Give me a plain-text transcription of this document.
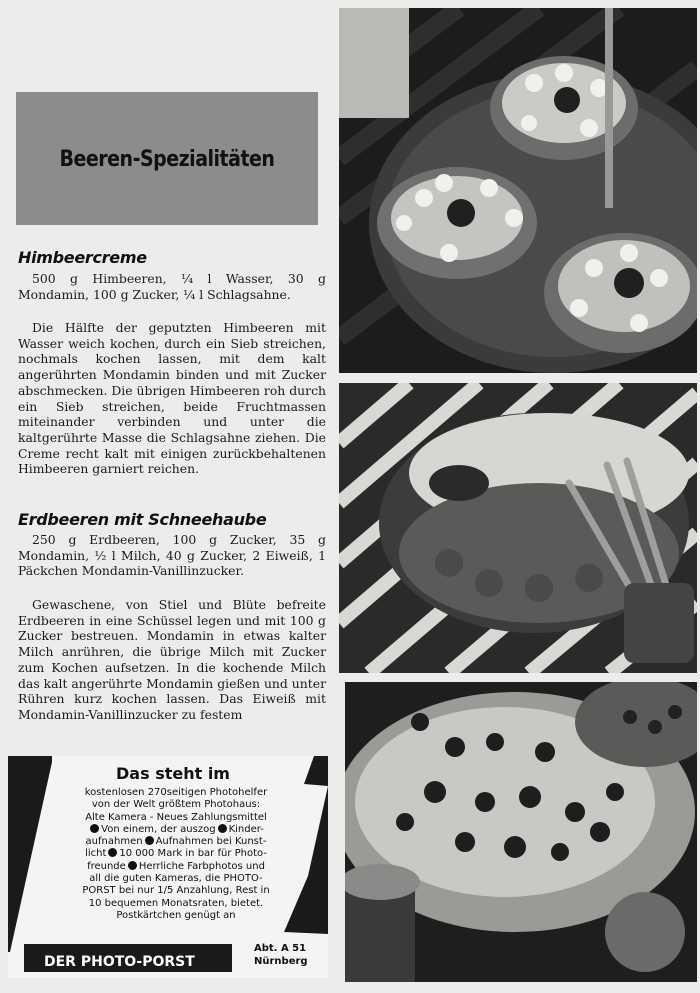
Beeren-Spezialitäten
Himbeercreme
500 g Himbeeren, ¼ l Wasser, 30 g Mondamin, 100 g Zucker, ¼ l Schlagsahne.
Die Hälfte der geputzten Himbeeren mit Wasser weich kochen, durch ein Sieb streichen, nochmals kochen lassen, mit dem kalt angerührten Mondamin binden und mit Zucker abschmecken. Die übrigen Himbeeren roh durch ein Sieb streichen, beide Fruchtmassen miteinander verbinden und unter die kaltgerührte Masse die Schlagsahne ziehen. Die Creme recht kalt mit einigen zurückbehaltenen Himbeeren garniert reichen.
Erdbeeren mit Schneehaube
250 g Erdbeeren, 100 g Zucker, 35 g Mondamin, ½ l Milch, 40 g Zucker, 2 Eiweiß, 1 Päckchen Mondamin-Vanillinzucker.
Gewaschene, von Stiel und Blüte befreite Erdbeeren in eine Schüssel legen und mit 100 g Zucker bestreuen. Mondamin in etwas kalter Milch anrühren, die übrige Milch mit Zucker zum Kochen aufsetzen. In die kochende Milch das kalt angerührte Mondamin gießen und unter Rühren kurz kochen lassen. Das Eiweiß mit Mondamin-Vanillinzucker zu festem
Das steht im
kostenlosen 270seitigen Photohelfer
von der Welt größtem Photohaus:
Alte Kamera - Neues Zahlungsmittel
Von einem, der auszog Kinder-
aufnahmen Aufnahmen bei Kunst-
licht 10 000 Mark in bar für Photo-
freunde Herrliche Farbphotos und
all die guten Kameras, die PHOTO-
PORST bei nur 1/5 Anzahlung, Rest in
10 bequemen Monatsraten, bietet.
Postkärtchen genügt an
DER PHOTO-PORST
Abt. A 51
Nürnberg
